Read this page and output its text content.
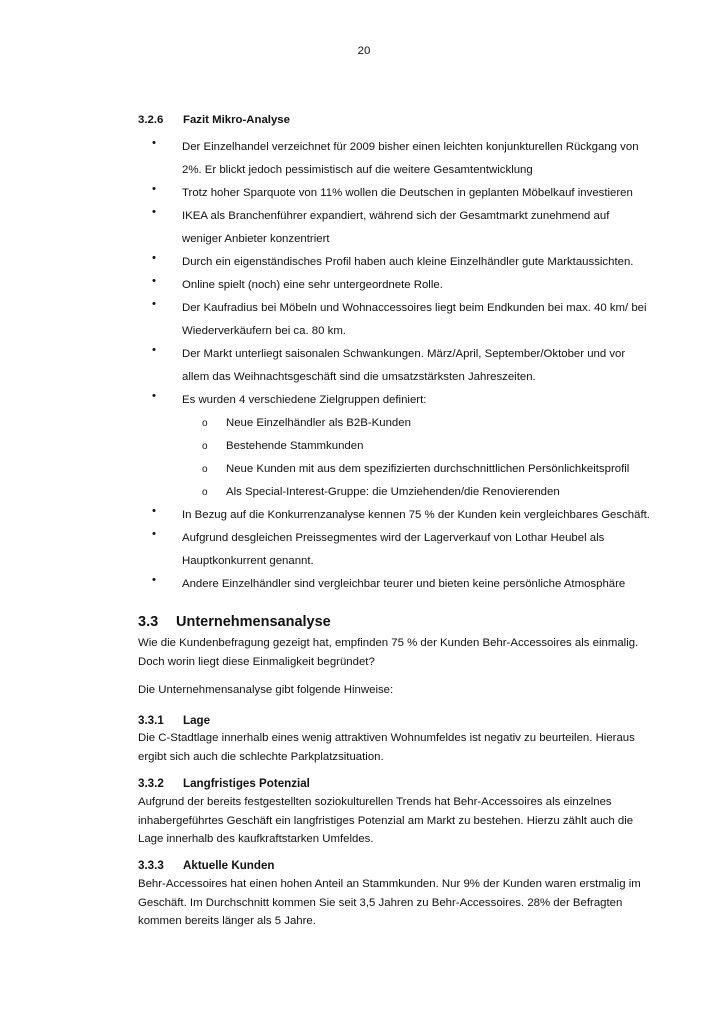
20
3.2.6 Fazit Mikro-Analyse
•	Der Einzelhandel verzeichnet für 2009 bisher einen leichten konjunkturellen Rückgang von
2%. Er blickt jedoch pessimistisch auf die weitere Gesamtentwicklung
•	Trotz hoher Sparquote von 11% wollen die Deutschen in geplanten Möbelkauf investieren
•	IKEA als Branchenführer expandiert, während sich der Gesamtmarkt zunehmend auf
weniger Anbieter konzentriert
•	Durch ein eigenständisches Profil haben auch kleine Einzelhändler gute Marktaussichten.
•	Online spielt (noch) eine sehr untergeordnete Rolle.
•	Der Kaufradius bei Möbeln und Wohnaccessoires liegt beim Endkunden bei max. 40 km/ bei
Wiederverkäufern bei ca. 80 km.
•	Der Markt unterliegt saisonalen Schwankungen. März/April, September/Oktober und vor
allem das Weihnachtsgeschäft sind die umsatzstärksten Jahreszeiten.
•	Es wurden 4 verschiedene Zielgruppen definiert:
o	Neue Einzelhändler als B2B-Kunden
o	Bestehende Stammkunden
o	Neue Kunden mit aus dem spezifizierten durchschnittlichen Persönlichkeitsprofil
o	Als Special-Interest-Gruppe: die Umziehenden/die Renovierenden
•	In Bezug auf die Konkurrenzanalyse kennen 75 % der Kunden kein vergleichbares Geschäft.
•	Aufgrund desgleichen Preissegmentes wird der Lagerverkauf von Lothar Heubel als
Hauptkonkurrent genannt.
•	Andere Einzelhändler sind vergleichbar teurer und bieten keine persönliche Atmosphäre
3.3 Unternehmensanalyse
Wie die Kundenbefragung gezeigt hat, empfinden 75 % der Kunden Behr-Accessoires als einmalig.
Doch worin liegt diese Einmaligkeit begründet?
Die Unternehmensanalyse gibt folgende Hinweise:
3.3.1 Lage
Die C-Stadtlage innerhalb eines wenig attraktiven Wohnumfeldes ist negativ zu beurteilen. Hieraus
ergibt sich auch die schlechte Parkplatzsituation.
3.3.2 Langfristiges Potenzial
Aufgrund der bereits festgestellten soziokulturellen Trends hat Behr-Accessoires als einzelnes
inhabergeführtes Geschäft ein langfristiges Potenzial am Markt zu bestehen. Hierzu zählt auch die
Lage innerhalb des kaufkraftstarken Umfeldes.
3.3.3 Aktuelle Kunden
Behr-Accessoires hat einen hohen Anteil an Stammkunden. Nur 9% der Kunden waren erstmalig im
Geschäft. Im Durchschnitt kommen Sie seit 3,5 Jahren zu Behr-Accessoires. 28% der Befragten
kommen bereits länger als 5 Jahre.
